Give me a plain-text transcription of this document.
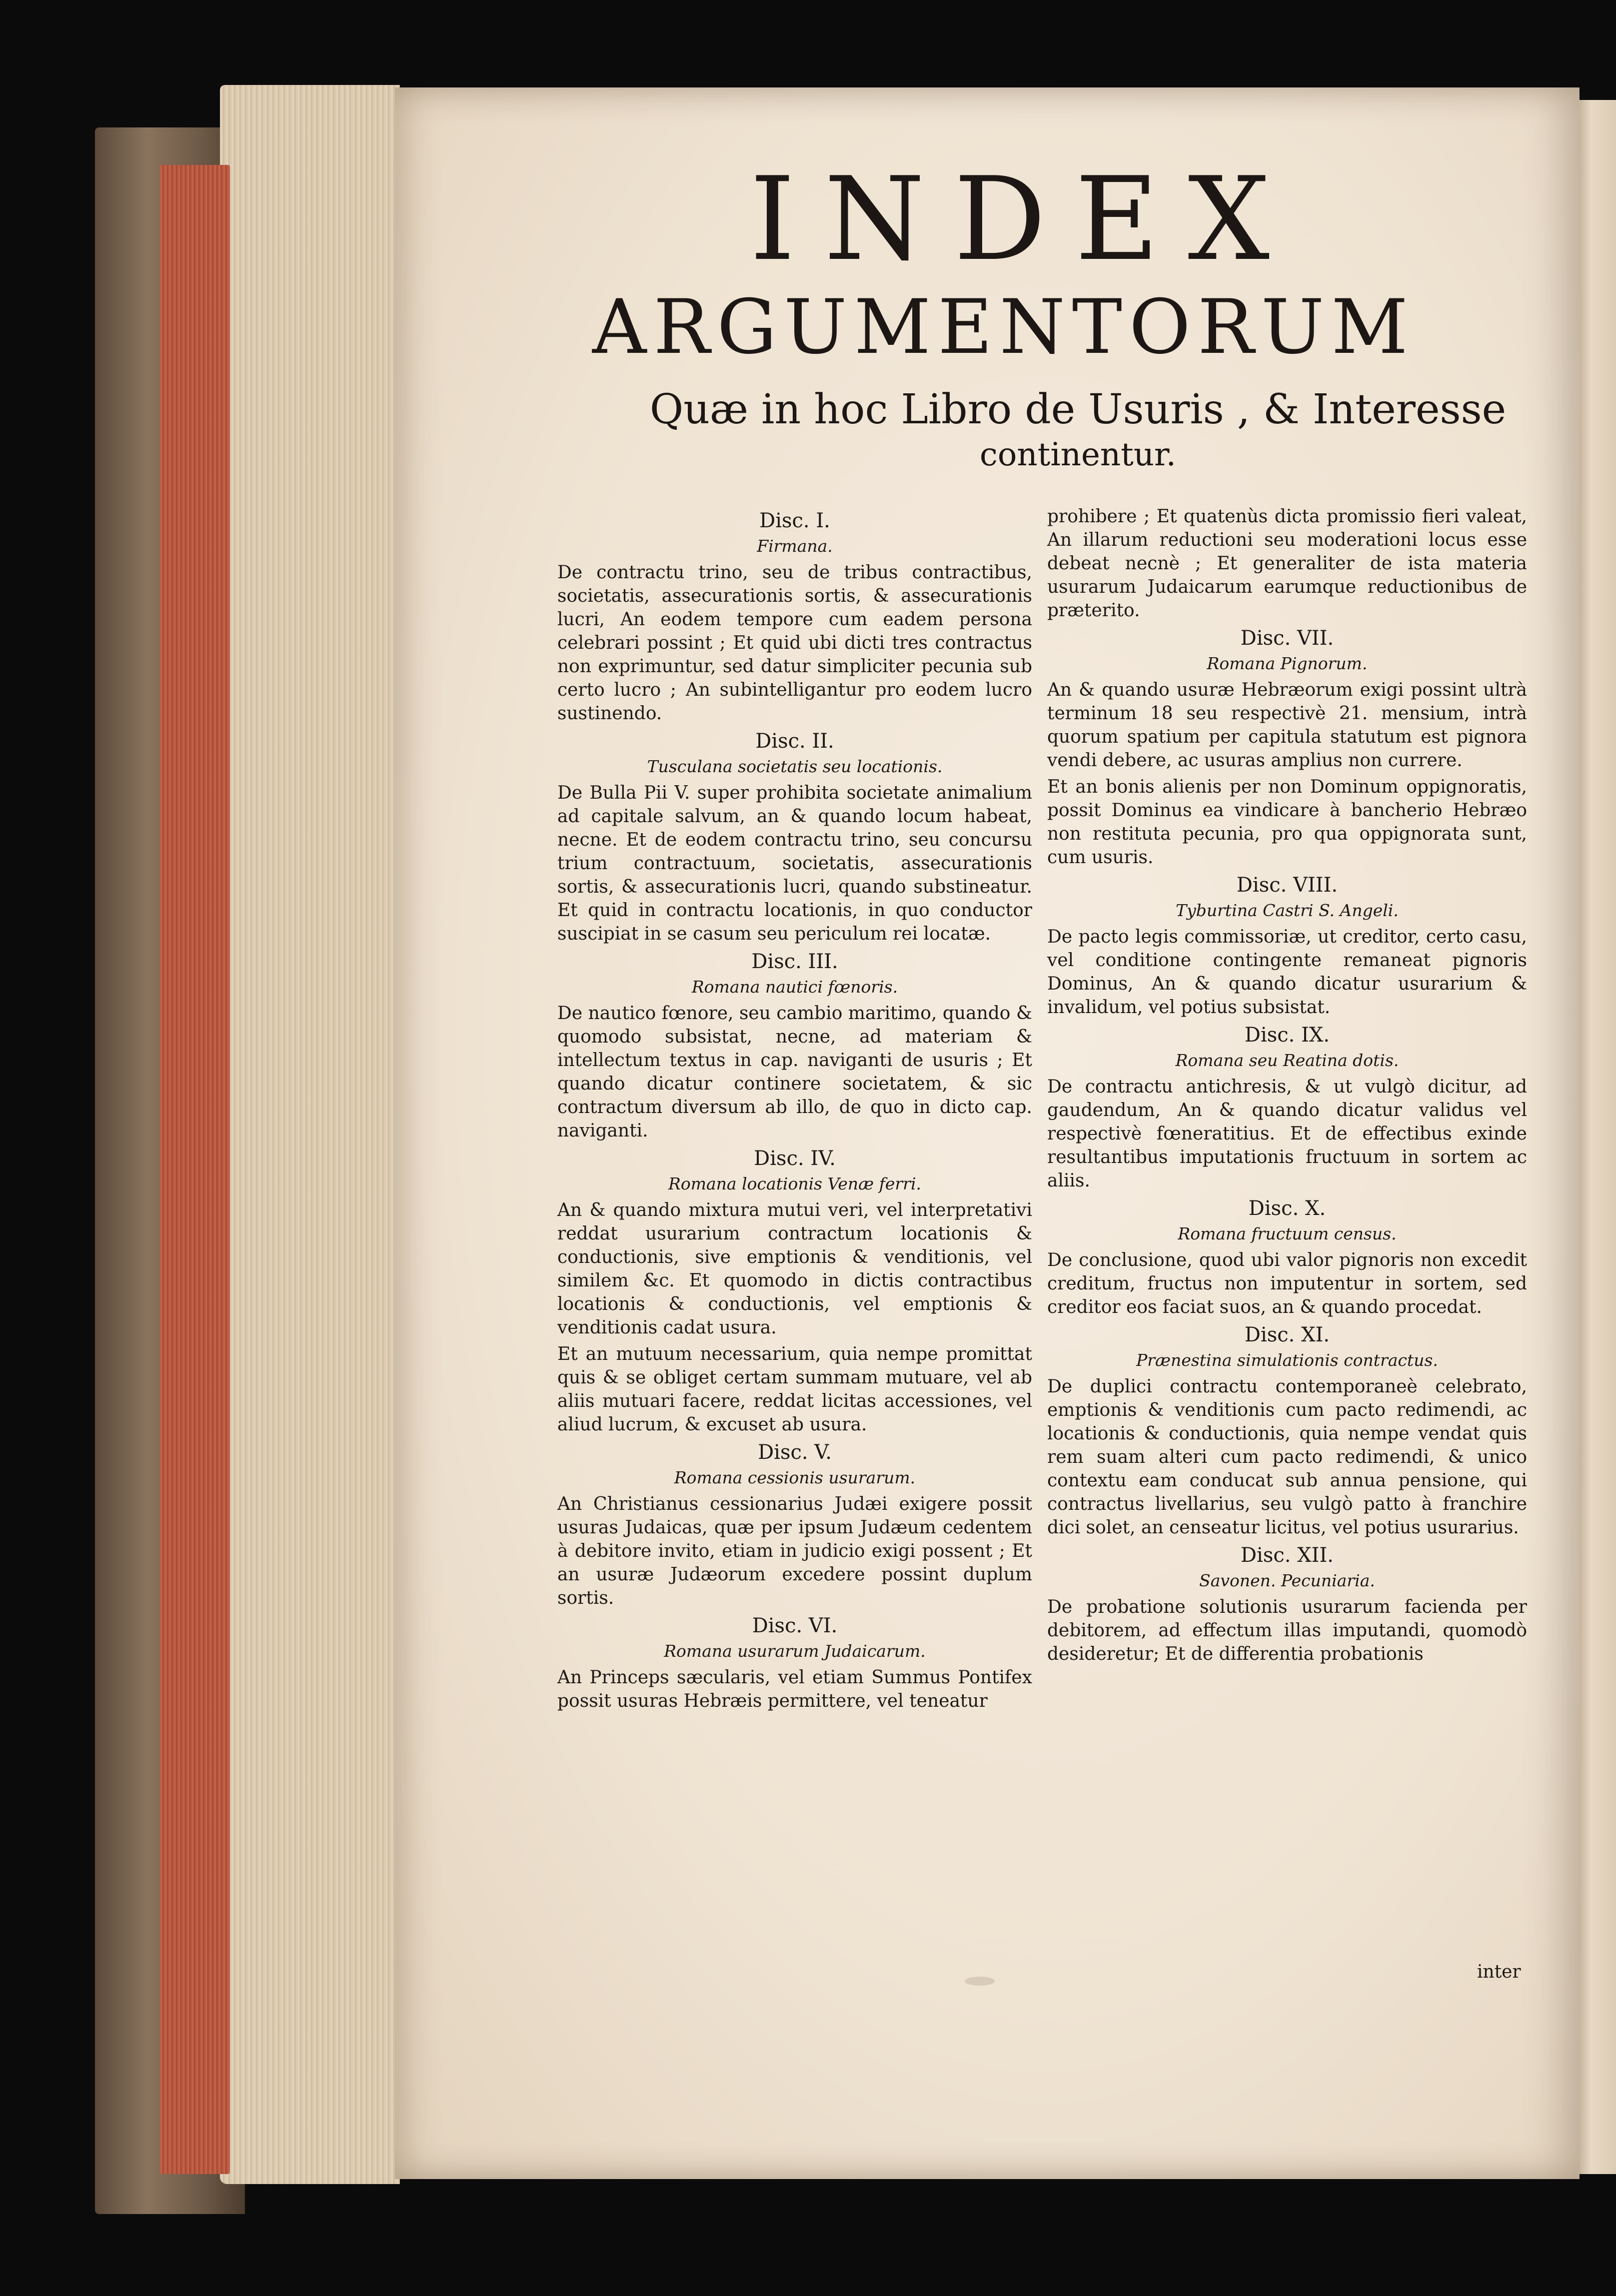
INDEX
ARGUMENTORUM
Quæ in hoc Libro de Usuris , & Interesse
continentur.

Disc. I.

Firmana.

De contractu trino, seu de tribus contractibus, societatis, assecurationis sortis, & assecurationis lucri, An eodem tempore cum eadem persona celebrari possint ; Et quid ubi dicti tres contractus non exprimuntur, sed datur simpliciter pecunia sub certo lucro ; An subintelligantur pro eodem lucro sustinendo.

Disc. II.

Tusculana societatis seu locationis.

De Bulla Pii V. super prohibita societate animalium ad capitale salvum, an & quando locum habeat, necne. Et de eodem contractu trino, seu concursu trium contractuum, societatis, assecurationis sortis, & assecurationis lucri, quando substineatur. Et quid in contractu locationis, in quo conductor suscipiat in se casum seu periculum rei locatæ.

Disc. III.

Romana nautici fœnoris.

De nautico fœnore, seu cambio maritimo, quando & quomodo subsistat, necne, ad materiam & intellectum textus in cap. naviganti de usuris ; Et quando dicatur continere societatem, & sic contractum diversum ab illo, de quo in dicto cap. naviganti.

Disc. IV.

Romana locationis Venæ ferri.

An & quando mixtura mutui veri, vel interpretativi reddat usurarium contractum locationis & conductionis, sive emptionis & venditionis, vel similem &c. Et quomodo in dictis contractibus locationis & conductionis, vel emptionis & venditionis cadat usura.

Et an mutuum necessarium, quia nempe promittat quis & se obliget certam summam mutuare, vel ab aliis mutuari facere, reddat licitas accessiones, vel aliud lucrum, & excuset ab usura.

Disc. V.

Romana cessionis usurarum.

An Christianus cessionarius Judæi exigere possit usuras Judaicas, quæ per ipsum Judæum cedentem à debitore invito, etiam in judicio exigi possent ; Et an usuræ Judæorum excedere possint duplum sortis.

Disc. VI.

Romana usurarum Judaicarum.

An Princeps sæcularis, vel etiam Summus Pontifex possit usuras Hebræis permittere, vel teneatur

prohibere ; Et quatenùs dicta promissio fieri valeat, An illarum reductioni seu moderationi locus esse debeat necnè ; Et generaliter de ista materia usurarum Judaicarum earumque reductionibus de præterito.

Disc. VII.

Romana Pignorum.

An & quando usuræ Hebræorum exigi possint ultrà terminum 18 seu respectivè 21. mensium, intrà quorum spatium per capitula statutum est pignora vendi debere, ac usuras amplius non currere.

Et an bonis alienis per non Dominum oppignoratis, possit Dominus ea vindicare à bancherio Hebræo non restituta pecunia, pro qua oppignorata sunt, cum usuris.

Disc. VIII.

Tyburtina Castri S. Angeli.

De pacto legis commissoriæ, ut creditor, certo casu, vel conditione contingente remaneat pignoris Dominus, An & quando dicatur usurarium & invalidum, vel potius subsistat.

Disc. IX.

Romana seu Reatina dotis.

De contractu antichresis, & ut vulgò dicitur, ad gaudendum, An & quando dicatur validus vel respectivè fœneratitius. Et de effectibus exinde resultantibus imputationis fructuum in sortem ac aliis.

Disc. X.

Romana fructuum census.

De conclusione, quod ubi valor pignoris non excedit creditum, fructus non imputentur in sortem, sed creditor eos faciat suos, an & quando procedat.

Disc. XI.

Prænestina simulationis contractus.

De duplici contractu contemporaneè celebrato, emptionis & venditionis cum pacto redimendi, ac locationis & conductionis, quia nempe vendat quis rem suam alteri cum pacto redimendi, & unico contextu eam conducat sub annua pensione, qui contractus livellarius, seu vulgò patto à franchire dici solet, an censeatur licitus, vel potius usurarius.

Disc. XII.

Savonen. Pecuniaria.

De probatione solutionis usurarum facienda per debitorem, ad effectum illas imputandi, quomodò desideretur; Et de differentia probationis

inter
